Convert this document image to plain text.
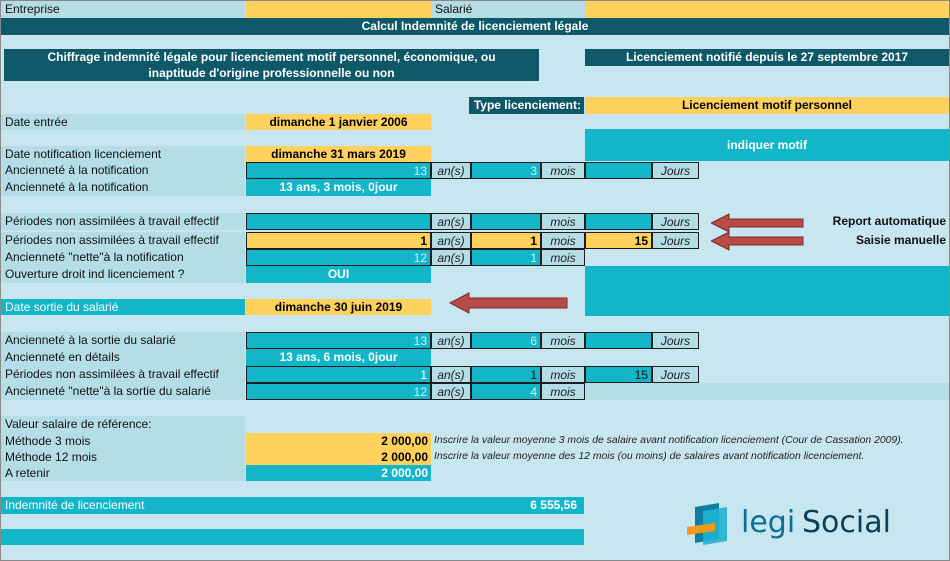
Entreprise	Salarié
Calcul Indemnité de licenciement légale
Chiffrage indemnité légale pour licenciement motif personnel, économique, ou inaptitude d'origine professionnelle ou non
Licenciement notifié depuis le 27 septembre 2017
Type licenciement:	Licenciement motif personnel
Date entrée	dimanche 1 janvier 2006
indiquer motif
Date notification licenciement	dimanche 31 mars 2019
Ancienneté à la notification	13 an(s)	3	mois	Jours
Ancienneté à la notification	13 ans, 3 mois, 0jour
Périodes non assimilées à travail effectif	an(s)	mois	Jours	Report automatique
Périodes non assimilées à travail effectif	1 an(s)	1	mois	15	Jours	Saisie manuelle
Ancienneté "nette"à la notification	12 an(s)	1	mois
Ouverture droit ind licenciement ?	OUI
Date sortie du salarié	dimanche 30 juin 2019
Ancienneté à la sortie du salarié	13 an(s)	6	mois	Jours
Ancienneté en détails	13 ans, 6 mois, 0jour
Périodes non assimilées à travail effectif	1 an(s)	1	mois	15	Jours
Ancienneté "nette"à la sortie du salarié	12 an(s)	4	mois
Valeur salaire de référence:
Méthode 3 mois	2 000,00 Inscrire la valeur moyenne 3 mois de salaire avant notification licenciement (Cour de Cassation 2009).
Méthode 12 mois	2 000,00 Inscrire la valeur moyenne des 12 mois (ou moins) de salaires avant notification licenciement.
A retenir	2 000,00
Indemnité de licenciement	6 555,56	legi Social
